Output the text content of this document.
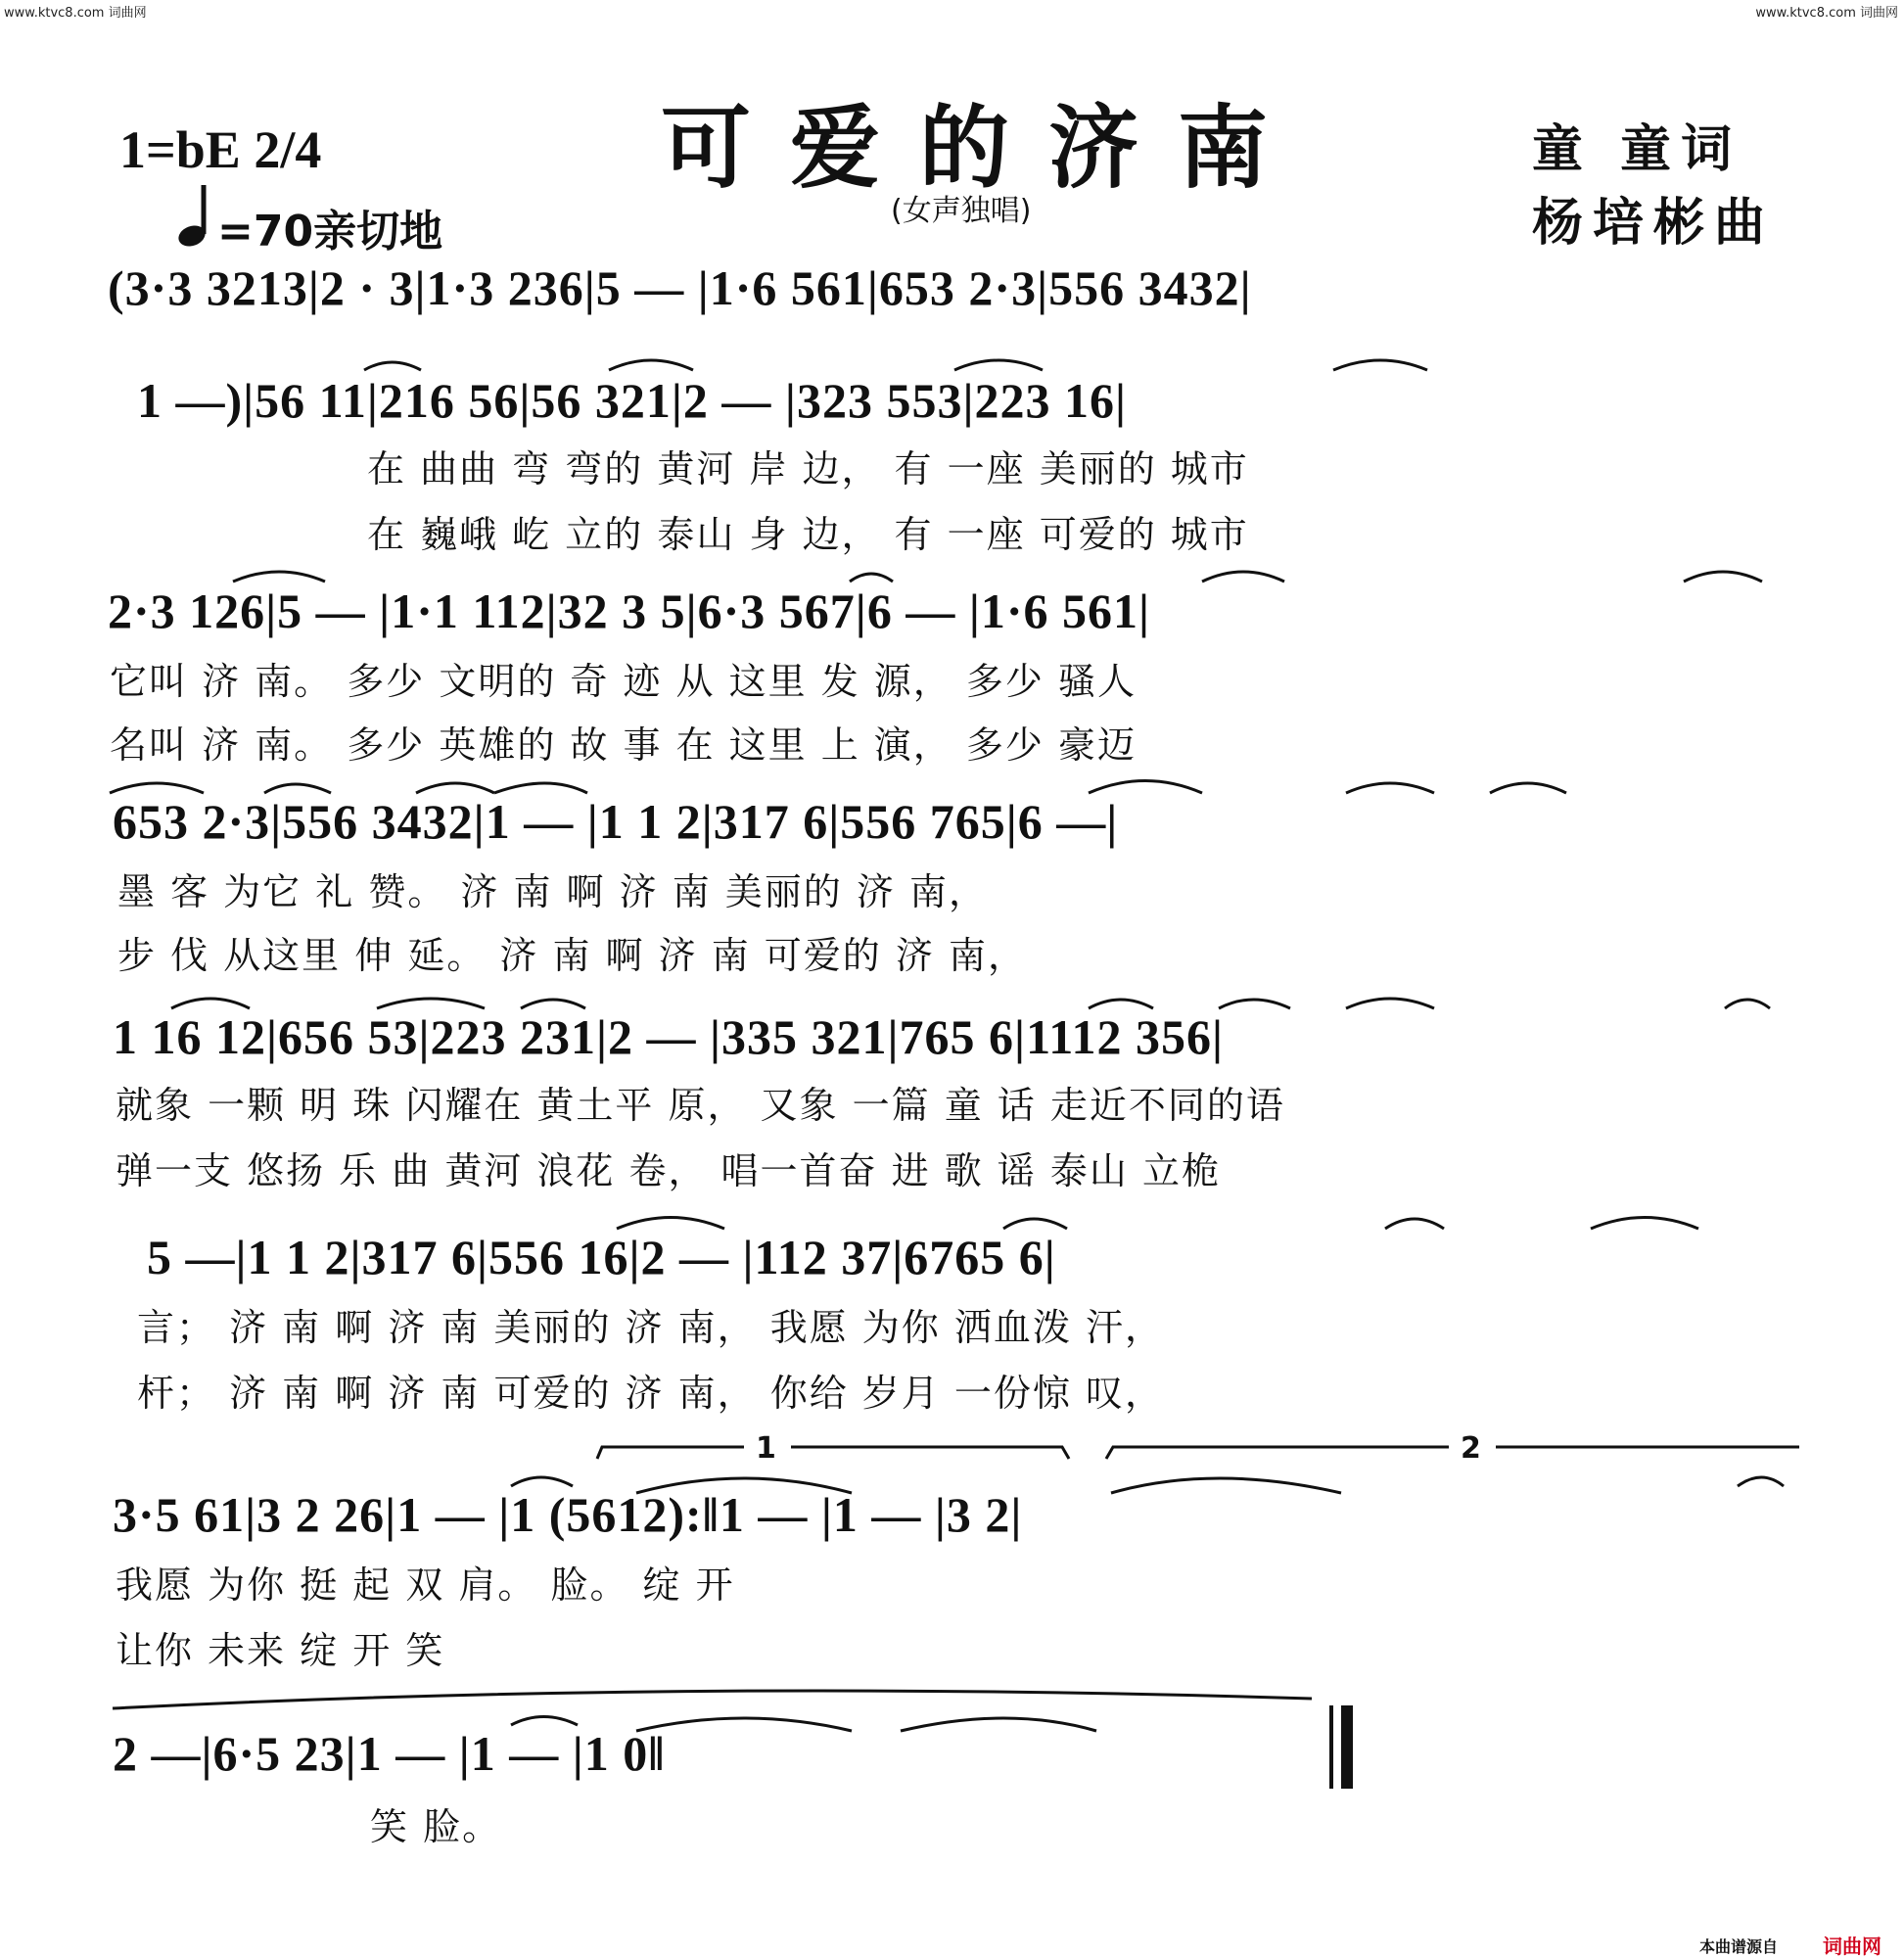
www.ktvc8.com 词曲网	www.ktvc8.com 词曲网
可爱的济南
(女声独唱)
1=bE 2/4
=70亲切地
童 童词
杨培彬曲
(3·3 3213|2 · 3|1·3 236|5 — |1·6 561|653 2·3|556 3432|
1 —)|56 11|216 56|56 321|2 — |323 553|223 16|
在 曲曲 弯 弯的 黄河 岸 边， 有 一座 美丽的 城市
在 巍峨 屹 立的 泰山 身 边， 有 一座 可爱的 城市
2·3 126|5 — |1·1 112|32 3 5|6·3 567|6 — |1·6 561|
它叫 济 南。 多少 文明的 奇 迹 从 这里 发 源， 多少 骚人
名叫 济 南。 多少 英雄的 故 事 在 这里 上 演， 多少 豪迈
653 2·3|556 3432|1 — |1 1 2|317 6|556 765|6 —|
墨 客 为它 礼 赞。 济 南 啊 济 南 美丽的 济 南，
步 伐 从这里 伸 延。 济 南 啊 济 南 可爱的 济 南，
1 16 12|656 53|223 231|2 — |335 321|765 6|1112 356|
就象 一颗 明 珠 闪耀在 黄土平 原， 又象 一篇 童 话 走近不同的语
弹一支 悠扬 乐 曲 黄河 浪花 卷， 唱一首奋 进 歌 谣 泰山 立桅
5 —|1 1 2|317 6|556 16|2 — |112 37|6765 6|
言； 济 南 啊 济 南 美丽的 济 南， 我愿 为你 洒血泼 汗，
杆； 济 南 啊 济 南 可爱的 济 南， 你给 岁月 一份惊 叹，
1	2
3·5 61|3 2 26|1 — |1 (5612):‖1 — |1 — |3 2|
我愿 为你 挺 起 双 肩。 脸。 绽 开
让你 未来 绽 开 笑
2 —|6·5 23|1 — |1 — |1 0‖
笑 脸。
本曲谱源自 词曲网
